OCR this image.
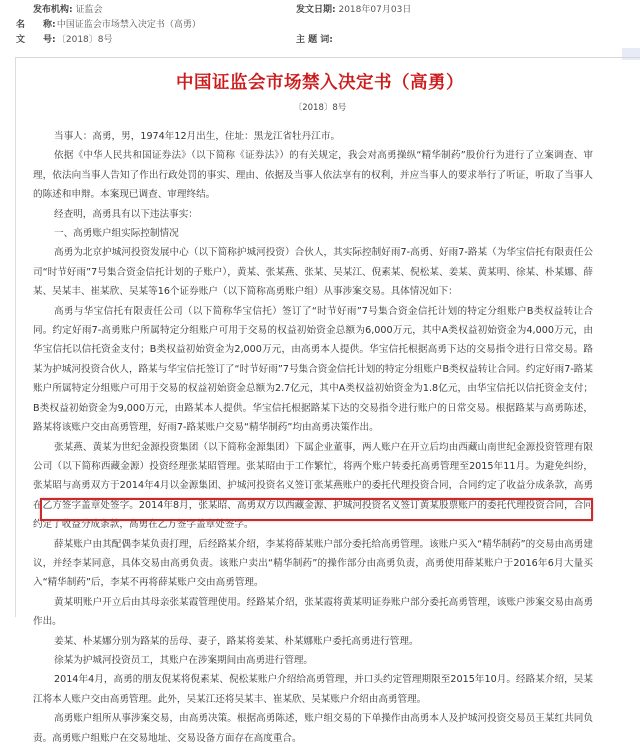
发布机构: 证监会	发文日期: 2018年07月03日
名　　称: 中国证监会市场禁入决定书（高勇）
文　　号: 〔2018〕8号	主 题 词:
中国证监会市场禁入决定书（高勇）
〔2018〕8号

当事人：高勇，男，1974年12月出生，住址：黑龙江省牡丹江市。

依据《中华人民共和国证券法》（以下简称《证券法》）的有关规定，我会对高勇操纵“精华制药”股价行为进行了立案调查、审理，依法向当事人告知了作出行政处罚的事实、理由、依据及当事人依法享有的权利，并应当事人的要求举行了听证，听取了当事人的陈述和申辩。本案现已调查、审理终结。

经查明，高勇具有以下违法事实：

一、高勇账户组实际控制情况

高勇为北京护城河投资发展中心（以下简称护城河投资）合伙人，其实际控制好雨7-高勇、好雨7-路某（为华宝信托有限责任公司“时节好雨”7号集合资金信托计划的子账户），黄某、张某燕、张某、吴某江、倪素某、倪松某、姜某、黄某明、徐某、朴某娜、薛某、吴某丰、崔某欣、吴某等16个证券账户（以下简称高勇账户组）从事涉案交易。具体情况如下：

高勇与华宝信托有限责任公司（以下简称华宝信托）签订了“时节好雨”7号集合资金信托计划的特定分组账户B类权益转让合同。约定好雨7-高勇账户所属特定分组账户可用于交易的权益初始资金总额为6,000万元，其中A类权益初始资金为4,000万元，由华宝信托以信托资金支付；B类权益初始资金为2,000万元，由高勇本人提供。华宝信托根据高勇下达的交易指令进行日常交易。路某为护城河投资合伙人，路某与华宝信托签订了“时节好雨”7号集合资金信托计划的特定分组账户B类权益转让合同。约定好雨7-路某账户所属特定分组账户可用于交易的权益初始资金总额为2.7亿元，其中A类权益初始资金为1.8亿元，由华宝信托以信托资金支付；B类权益初始资金为9,000万元，由路某本人提供。华宝信托根据路某下达的交易指令进行账户的日常交易。根据路某与高勇陈述，路某将该账户交由高勇管理，好雨7-路某账户交易“精华制药”均由高勇决策作出。

张某燕、黄某为世纪金源投资集团（以下简称金源集团）下属企业董事，两人账户在开立后均由西藏山南世纪金源投资管理有限公司（以下简称西藏金源）投资经理张某昭管理。张某昭由于工作繁忙，将两个账户转委托高勇管理至2015年11月。为避免纠纷，张某昭与高勇双方于2014年4月以金源集团、护城河投资名义签订张某燕账户的委托代理投资合同，合同约定了收益分成条款，高勇在乙方签字盖章处签字。2014年8月，张某昭、高勇双方以西藏金源、护城河投资名义签订黄某股票账户的委托代理投资合同，合同约定了收益分成条款，高勇在乙方签字盖章处签字。

薛某账户由其配偶李某负责打理，后经路某介绍，李某将薛某账户部分委托给高勇管理。该账户买入“精华制药”的交易由高勇建议，并经李某同意，具体交易由高勇负责。该账户卖出“精华制药”的操作部分由高勇负责，高勇使用薛某账户于2016年6月大量买入“精华制药”后，李某不再将薛某账户交由高勇管理。

黄某明账户开立后由其母亲张某霞管理使用。经路某介绍，张某霞将黄某明证券账户部分委托高勇管理，该账户涉案交易由高勇作出。

姜某、朴某娜分别为路某的岳母、妻子，路某将姜某、朴某娜账户委托高勇进行管理。

徐某为护城河投资员工，其账户在涉案期间由高勇进行管理。

2014年4月，高勇的朋友倪某将倪素某、倪松某账户介绍给高勇管理，并口头约定管理期限至2015年10月。经路某介绍，吴某江将本人账户交由高勇管理。此外，吴某江还将吴某丰、崔某欣、吴某账户介绍由高勇管理。

高勇账户组所从事涉案交易，由高勇决策。根据高勇陈述，账户组交易的下单操作由高勇本人及护城河投资交易员王某红共同负责。高勇账户组账户在交易地址、交易设备方面存在高度重合。
